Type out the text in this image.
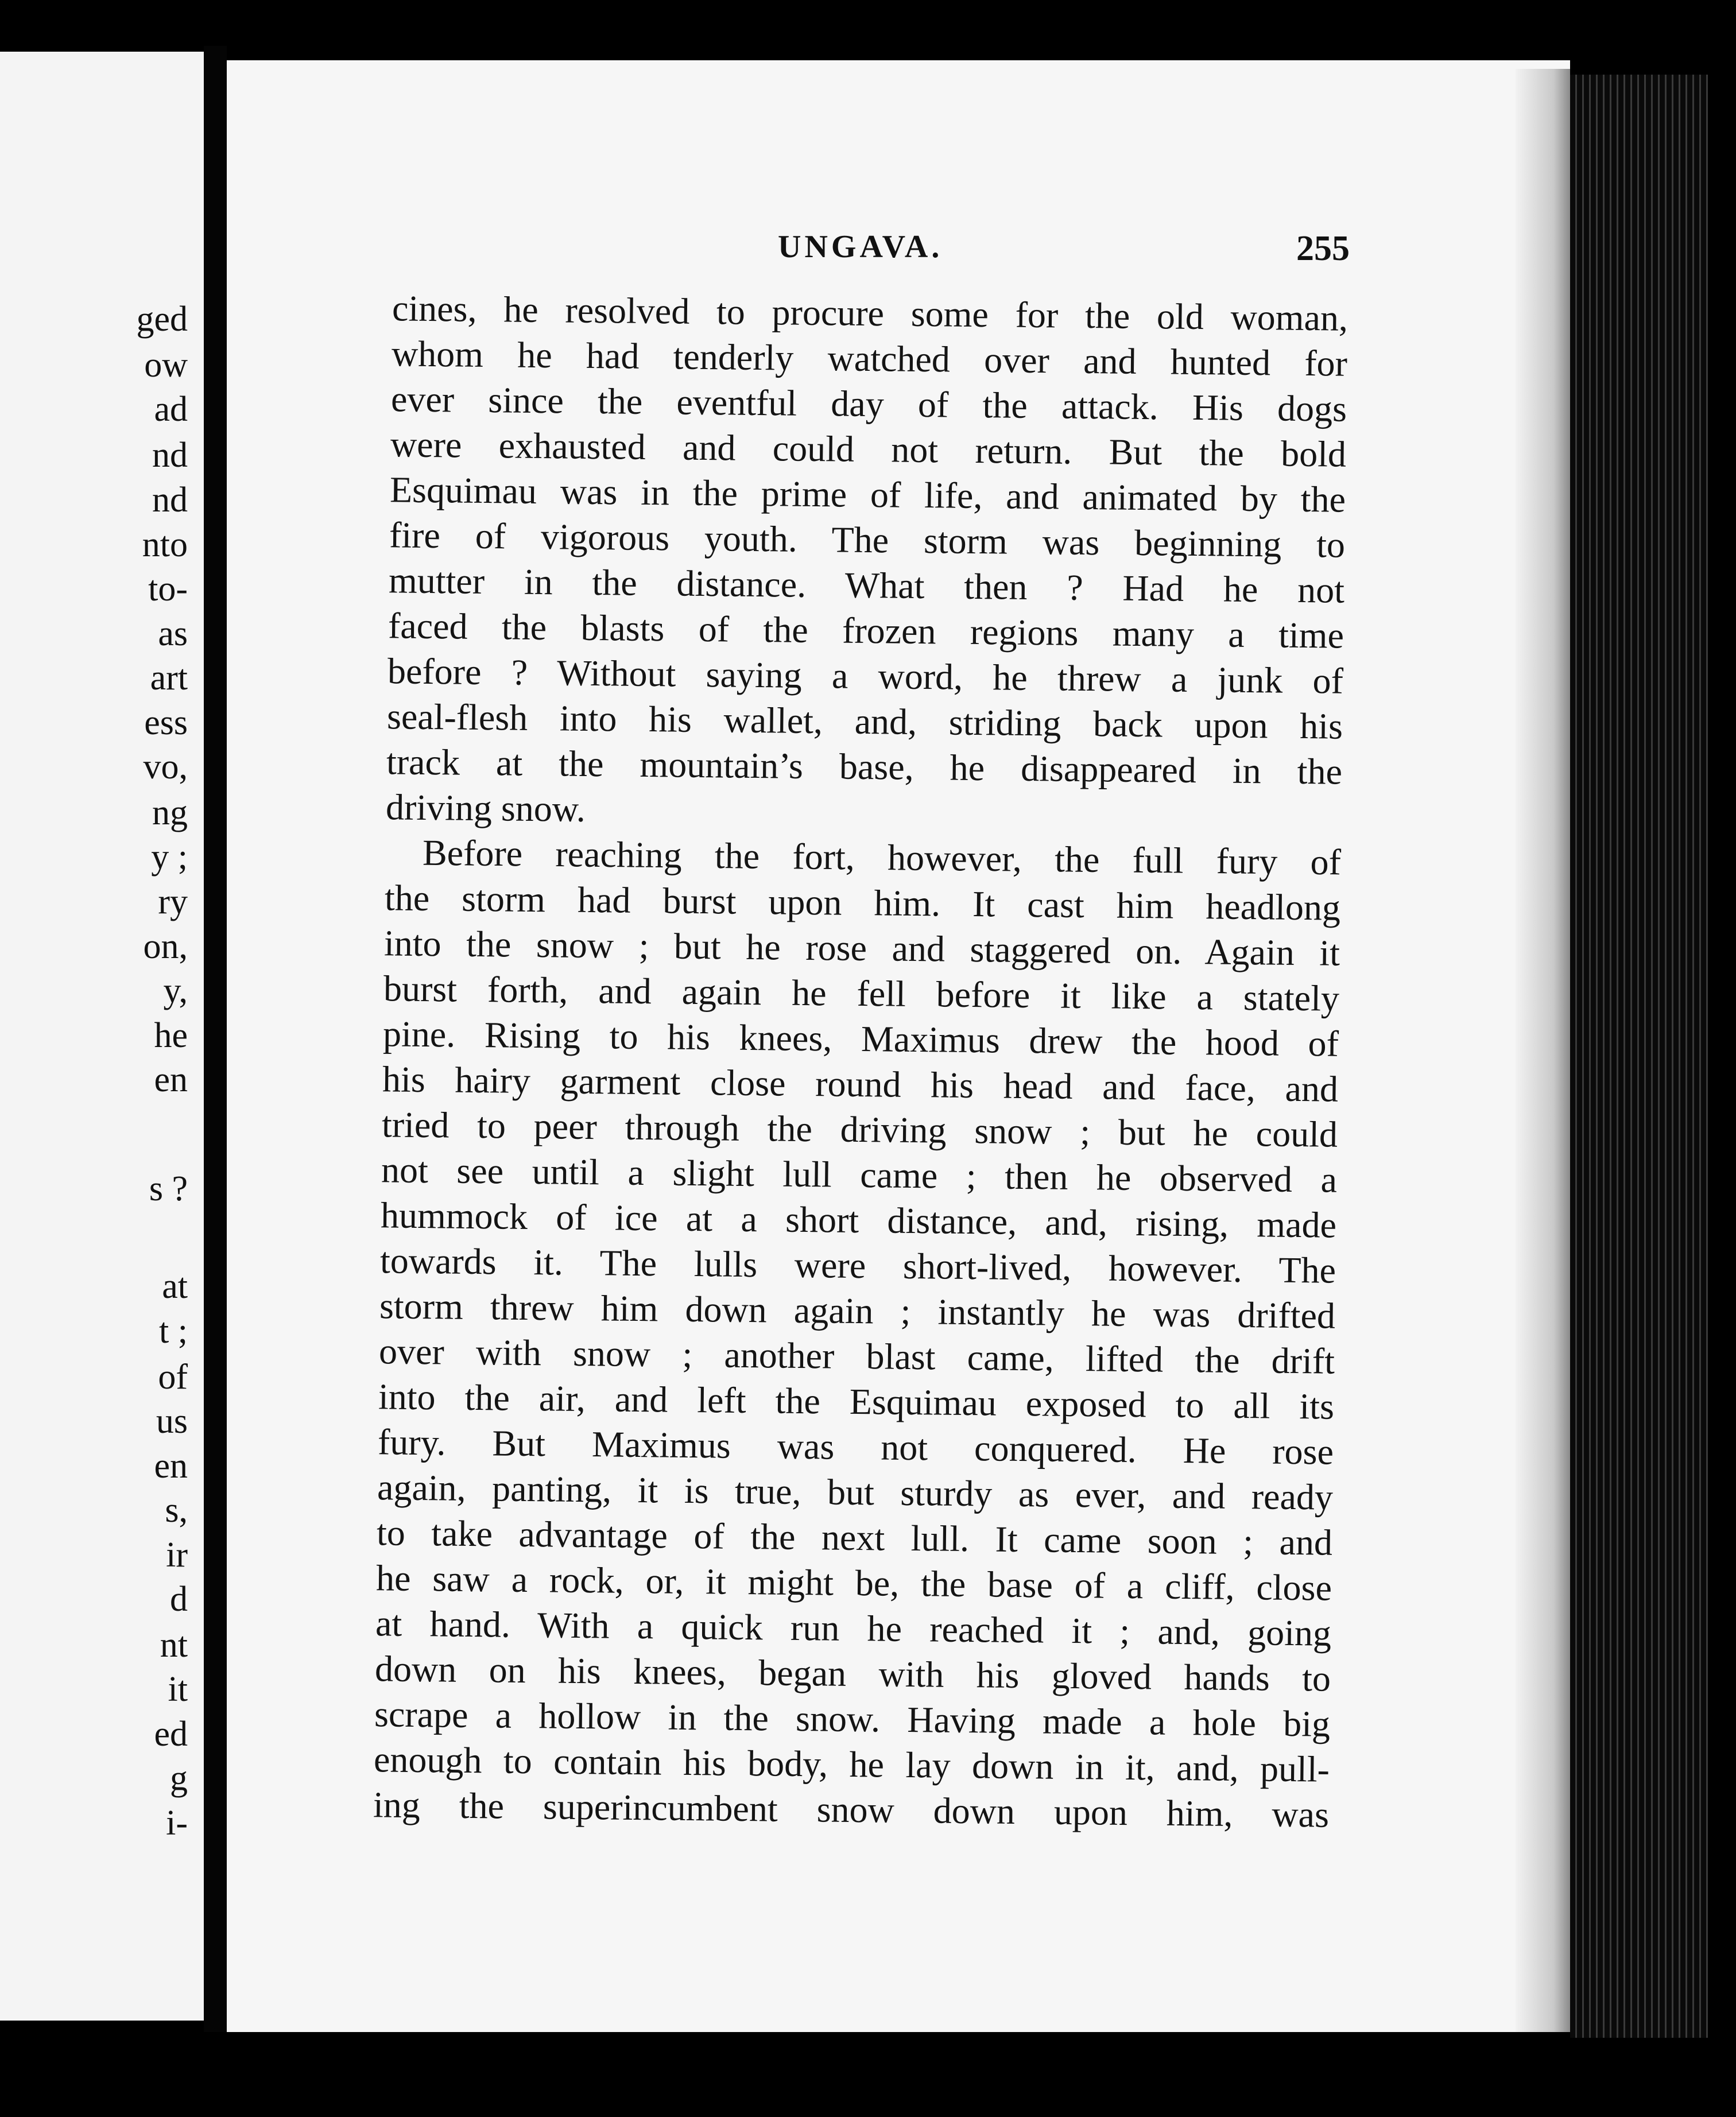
ged
ow
ad
nd
nd
nto
to-
as
art
ess
vo,
ng
y ;
ry
on,
y,
he
en
s ?
at
t ;
of
us
en
s,
ir
d
nt
it
ed
g
i-
UNGAVA.	255
cines, he resolved to procure some for the old woman,
whom he had tenderly watched over and hunted for
ever since the eventful day of the attack. His dogs
were exhausted and could not return. But the bold
Esquimau was in the prime of life, and animated by the
fire of vigorous youth. The storm was beginning to
mutter in the distance. What then ? Had he not
faced the blasts of the frozen regions many a time
before ? Without saying a word, he threw a junk of
seal-flesh into his wallet, and, striding back upon his
track at the mountain’s base, he disappeared in the
driving snow.
Before reaching the fort, however, the full fury of
the storm had burst upon him. It cast him headlong
into the snow ; but he rose and staggered on. Again it
burst forth, and again he fell before it like a stately
pine. Rising to his knees, Maximus drew the hood of
his hairy garment close round his head and face, and
tried to peer through the driving snow ; but he could
not see until a slight lull came ; then he observed a
hummock of ice at a short distance, and, rising, made
towards it. The lulls were short-lived, however. The
storm threw him down again ; instantly he was drifted
over with snow ; another blast came, lifted the drift
into the air, and left the Esquimau exposed to all its
fury. But Maximus was not conquered. He rose
again, panting, it is true, but sturdy as ever, and ready
to take advantage of the next lull. It came soon ; and
he saw a rock, or, it might be, the base of a cliff, close
at hand. With a quick run he reached it ; and, going
down on his knees, began with his gloved hands to
scrape a hollow in the snow. Having made a hole big
enough to contain his body, he lay down in it, and, pull-
ing the superincumbent snow down upon him, was
